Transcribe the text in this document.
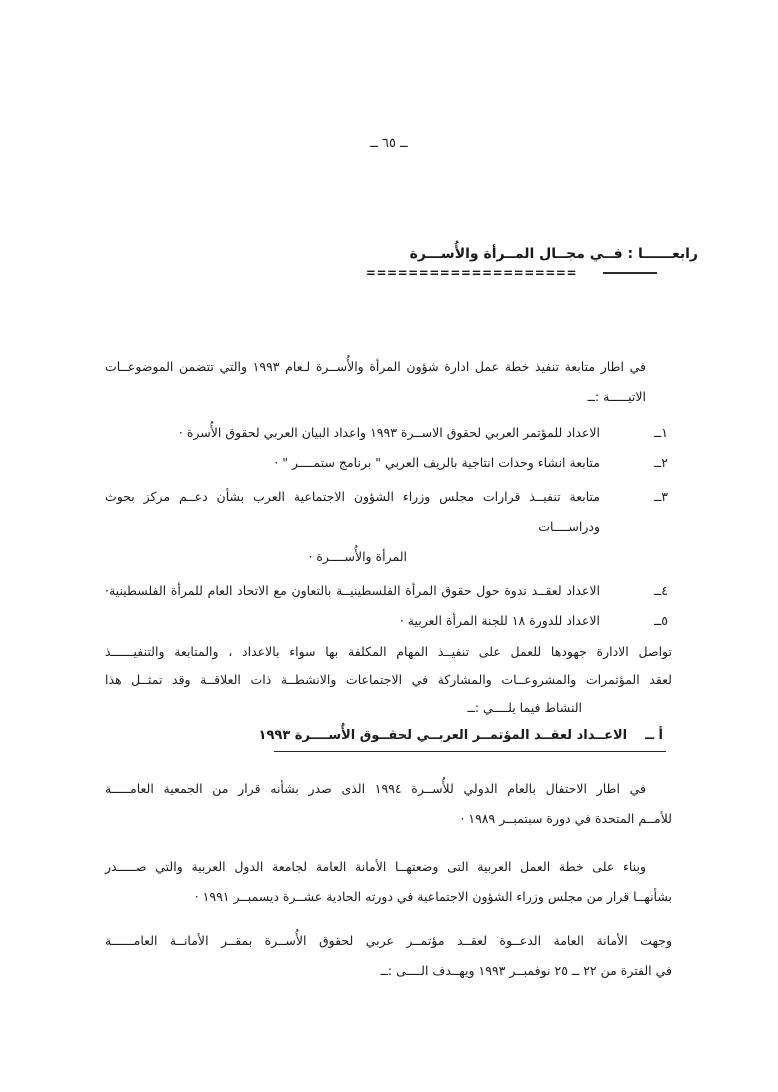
ــ ٦٥ ــ
رابعــــــا : فــي مجــال المــرأة والأُســـرة
====================
في اطار متابعة تنفيذ خطة عمل ادارة شؤون المرأة والأُســرة لـعام ١٩٩٣ والتي تتضمن الموضوعــات
الاتيـــــة :ــ
١ــ
الاعداد للمؤتمر العربي لحقوق الاســرة ١٩٩٣ واعداد البيان العربي لحقوق الأُسرة ·
٢ــ
متابعة انشاء وحدات انتاجية بالريف العربي " برنامج ستمــــر " ·
٣ــ
متابعة تنفيــذ قرارات مجلس وزراء الشؤون الاجتماعية العرب بشأن دعــم مركز بحوث ودراســــات
المرأة والأُســــرة ·
٤ــ
الاعداد لعقــد ندوة حول حقوق المرأة الفلسطينيــة بالتعاون مع الاتحاد العام للمرأة الفلسطينية·
٥ــ
الاعداد للدورة ١٨ للجنة المرأة العربية ·
تواصل الادارة جهودها للعمل على تنفيــذ المهام المكلفة بها سواء بالاعداد ، والمتابعة والتنفيــــــذ
لعقد المؤتمرات والمشروعــات والمشاركة في الاجتماعات والانشطــة ذات العلاقــة وقد تمثــل هذا
النشاط فيما يلــــي :ــ
أ ــ
الاعــداد لعقــد المؤتمــر العربــي لحقــوق الأُســــرة ١٩٩٣
في اطار الاحتفال بالعام الدولي للأُســرة ١٩٩٤ الذى صدر بشأنه قرار من الجمعية العامـــــة
للأمــم المتحدة في دورة سبتمبــر ١٩٨٩ ·
وبناء على خطة العمل العربية التى وضعتهــا الأمانة العامة لجامعة الدول العربية والتي صـــــدر
بشأنهــا قرار من مجلس وزراء الشؤون الاجتماعية في دورته الحادية عشــرة ديسمبــر ١٩٩١ ·
وجهت الأمانة العامة الدعــوة لعقــد مؤتمــر عربي لحقوق الأُســرة بمقــر الأمانــة العامــــــة
في الفترة من ٢٢ ــ ٢٥ نوفمبــر ١٩٩٣ ويهــدف الــــى :ــ
